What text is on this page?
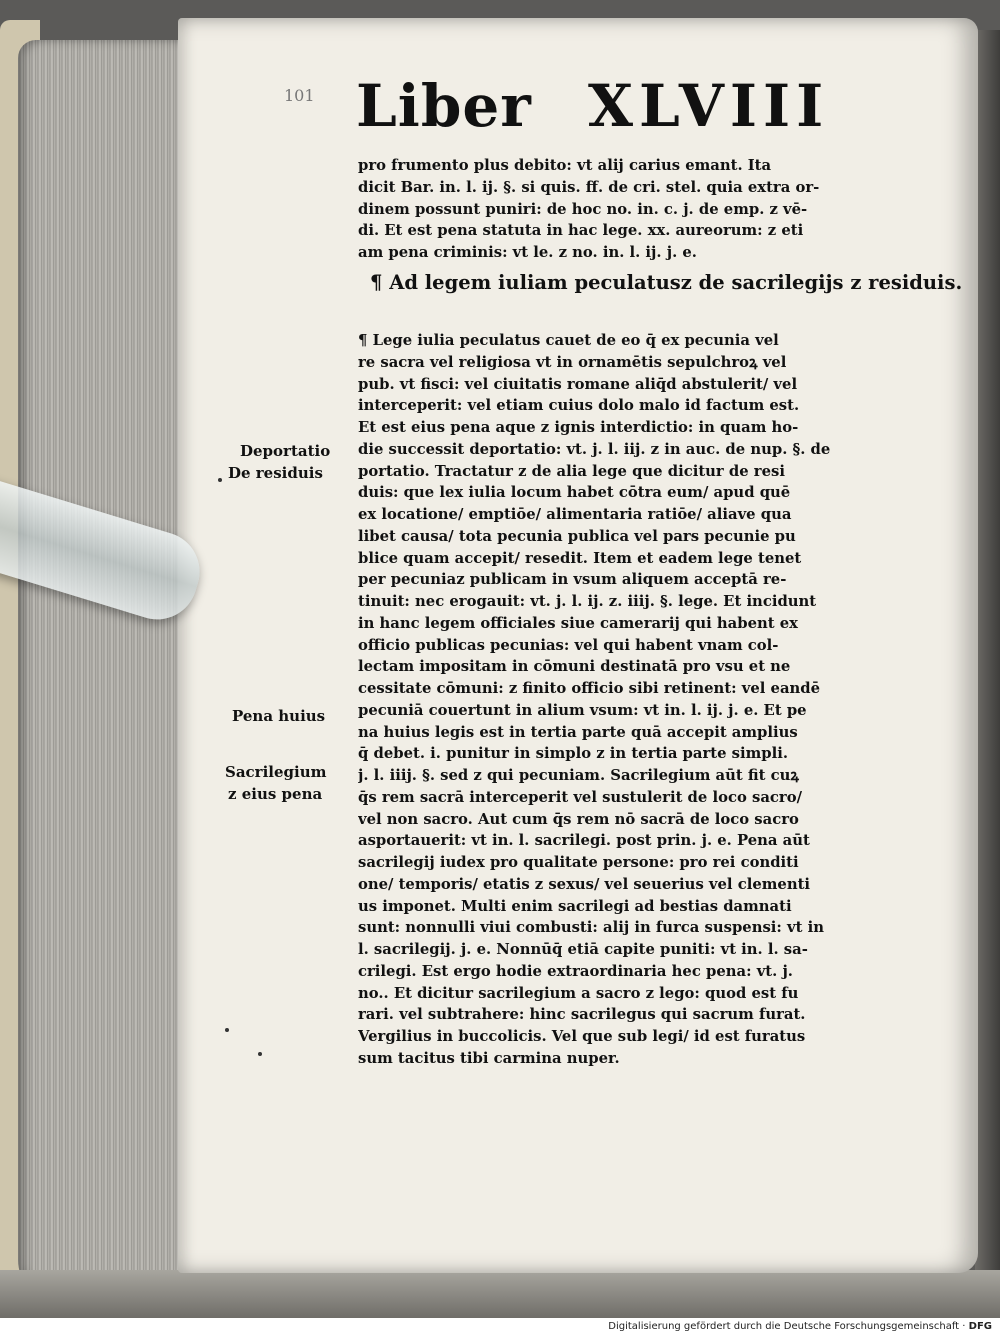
101 Liber XLVIII
pro frumento plus debito: vt alij carius emant. Ita
dicit Bar. in. l. ij. §. si quis. ff. de cri. stel. quia extra or-
dinem possunt puniri: de hoc no. in. c. j. de emp. z vē-
di. Et est pena statuta in hac lege. xx. aureorum: z eti
am pena criminis: vt le. z no. in. l. ij. j. e.
¶ Ad legem iuliam peculatusz de sacrilegijs z residuis.
¶ Lege iulia peculatus cauet de eo q̄ ex pecunia vel
re sacra vel religiosa vt in ornamētis sepulchroꝝ vel
pub. vt fisci: vel ciuitatis romane aliq̄d abstulerit/ vel
interceperit: vel etiam cuius dolo malo id factum est.
Et est eius pena aque z ignis interdictio: in quam ho-
die successit deportatio: vt. j. l. iij. z in auc. de nup. §. de
portatio. Tractatur z de alia lege que dicitur de resi
duis: que lex iulia locum habet cōtra eum/ apud quē
ex locatione/ emptiōe/ alimentaria ratiōe/ aliave qua
libet causa/ tota pecunia publica vel pars pecunie pu
blice quam accepit/ resedit. Item et eadem lege tenet
per pecuniaz publicam in vsum aliquem acceptā re-
tinuit: nec erogauit: vt. j. l. ij. z. iiij. §. lege. Et incidunt
in hanc legem officiales siue camerarij qui habent ex
officio publicas pecunias: vel qui habent vnam col-
lectam impositam in cōmuni destinatā pro vsu et ne
cessitate cōmuni: z finito officio sibi retinent: vel eandē
pecuniā couertunt in alium vsum: vt in. l. ij. j. e. Et pe
na huius legis est in tertia parte quā accepit amplius
q̄ debet. i. punitur in simplo z in tertia parte simpli.
j. l. iiij. §. sed z qui pecuniam. Sacrilegium aūt fit cuꝝ
q̄s rem sacrā interceperit vel sustulerit de loco sacro/
vel non sacro. Aut cum q̄s rem nō sacrā de loco sacro
asportauerit: vt in. l. sacrilegi. post prin. j. e. Pena aūt
sacrilegij iudex pro qualitate persone: pro rei conditi
one/ temporis/ etatis z sexus/ vel seuerius vel clementi
us imponet. Multi enim sacrilegi ad bestias damnati
sunt: nonnulli viui combusti: alij in furca suspensi: vt in
l. sacrilegij. j. e. Nonnūq̄ etiā capite puniti: vt in. l. sa-
crilegi. Est ergo hodie extraordinaria hec pena: vt. j.
no.. Et dicitur sacrilegium a sacro z lego: quod est fu
rari. vel subtrahere: hinc sacrilegus qui sacrum furat.
Vergilius in buccolicis. Vel que sub legi/ id est furatus
sum tacitus tibi carmina nuper.
Deportatio
De residuis
Pena huius
Sacrilegium
z eius pena
Digitalisierung gefördert durch die Deutsche Forschungsgemeinschaft · DFG
